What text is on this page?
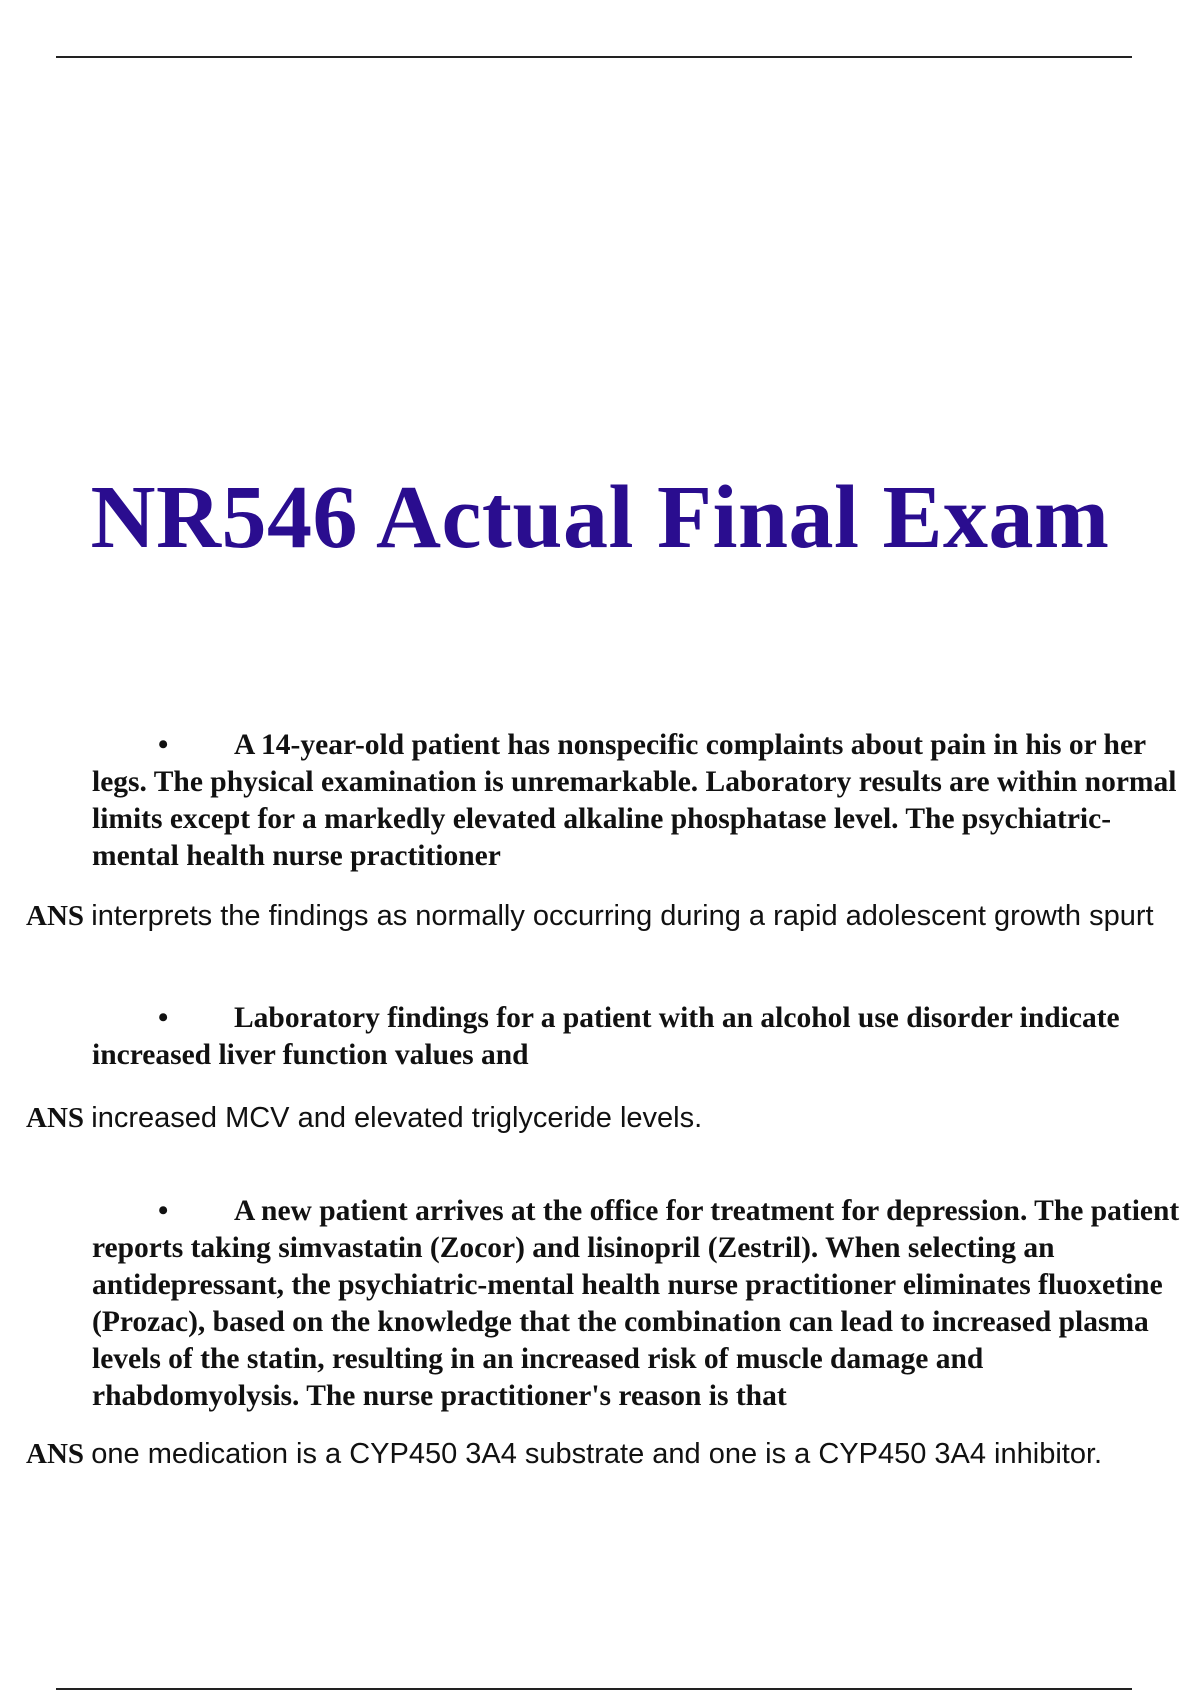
NR546 Actual Final Exam
• A 14-year-old patient has nonspecific complaints about pain in his or her legs. The physical examination is unremarkable. Laboratory results are within normal limits except for a markedly elevated alkaline phosphatase level. The psychiatric-mental health nurse practitioner
ANS interprets the findings as normally occurring during a rapid adolescent growth spurt
• Laboratory findings for a patient with an alcohol use disorder indicate increased liver function values and
ANS increased MCV and elevated triglyceride levels.
• A new patient arrives at the office for treatment for depression. The patient reports taking simvastatin (Zocor) and lisinopril (Zestril). When selecting an antidepressant, the psychiatric-mental health nurse practitioner eliminates fluoxetine (Prozac), based on the knowledge that the combination can lead to increased plasma levels of the statin, resulting in an increased risk of muscle damage and rhabdomyolysis. The nurse practitioner's reason is that
ANS one medication is a CYP450 3A4 substrate and one is a CYP450 3A4 inhibitor.
